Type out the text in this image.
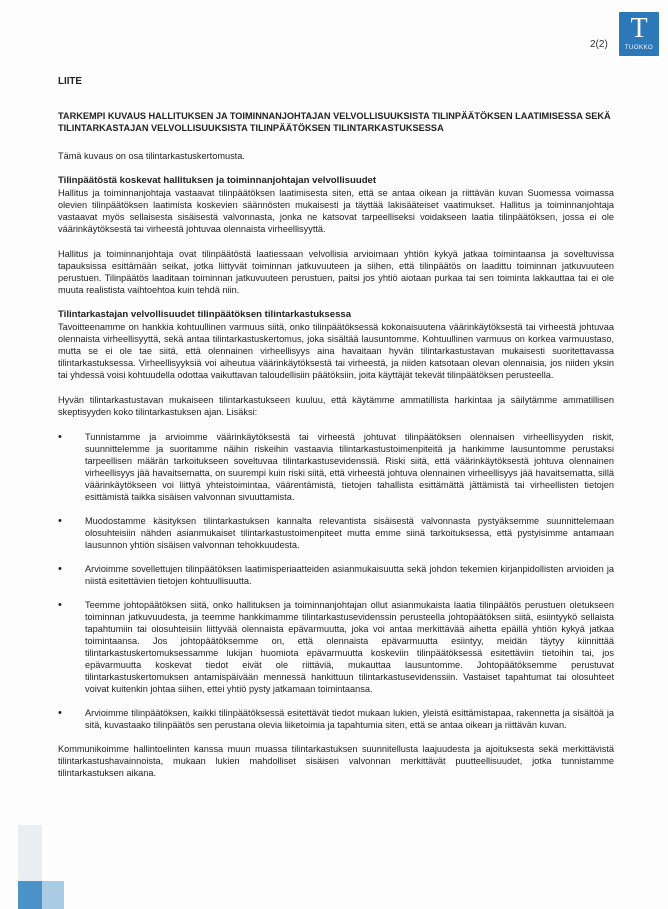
2(2)
T
TUOKKO
LIITE
TARKEMPI KUVAUS HALLITUKSEN JA TOIMINNANJOHTAJAN VELVOLLISUUKSISTA TILINPÄÄTÖKSEN LAATIMISESSA SEKÄ TILINTARKASTAJAN VELVOLLISUUKSISTA TILINPÄÄTÖKSEN TILINTARKASTUKSESSA

Tämä kuvaus on osa tilintarkastuskertomusta.

Tilinpäätöstä koskevat hallituksen ja toiminnanjohtajan velvollisuudet

Hallitus ja toiminnanjohtaja vastaavat tilinpäätöksen laatimisesta siten, että se antaa oikean ja riittävän kuvan Suomessa voimassa olevien tilinpäätöksen laatimista koskevien säännösten mukaisesti ja täyttää lakisääteiset vaatimukset. Hallitus ja toiminnanjohtaja vastaavat myös sellaisesta sisäisestä valvonnasta, jonka ne katsovat tarpeelliseksi voidakseen laatia tilinpäätöksen, jossa ei ole väärinkäytöksestä tai virheestä johtuvaa olennaista virheellisyyttä.

Hallitus ja toiminnanjohtaja ovat tilinpäätöstä laatiessaan velvollisia arvioimaan yhtiön kykyä jatkaa toimintaansa ja soveltuvissa tapauksissa esittämään seikat, jotka liittyvät toiminnan jatkuvuuteen ja siihen, että tilinpäätös on laadittu toiminnan jatkuvuuteen perustuen. Tilinpäätös laaditaan toiminnan jatkuvuuteen perustuen, paitsi jos yhtiö aiotaan purkaa tai sen toiminta lakkauttaa tai ei ole muuta realistista vaihtoehtoa kuin tehdä niin.

Tilintarkastajan velvollisuudet tilinpäätöksen tilintarkastuksessa

Tavoitteenamme on hankkia kohtuullinen varmuus siitä, onko tilinpäätöksessä kokonaisuutena väärinkäytöksestä tai virheestä johtuvaa olennaista virheellisyyttä, sekä antaa tilintarkastuskertomus, joka sisältää lausuntomme. Kohtuullinen varmuus on korkea varmuustaso, mutta se ei ole tae siitä, että olennainen virheellisyys aina havaitaan hyvän tilintarkastustavan mukaisesti suoritettavassa tilintarkastuksessa. Virheellisyyksiä voi aiheutua väärinkäytöksestä tai virheestä, ja niiden katsotaan olevan olennaisia, jos niiden yksin tai yhdessä voisi kohtuudella odottaa vaikuttavan taloudellisiin päätöksiin, joita käyttäjät tekevät tilinpäätöksen perusteella.

Hyvän tilintarkastustavan mukaiseen tilintarkastukseen kuuluu, että käytämme ammatillista harkintaa ja säilytämme ammatillisen skeptisyyden koko tilintarkastuksen ajan. Lisäksi:

• Tunnistamme ja arvioimme väärinkäytöksestä tai virheestä johtuvat tilinpäätöksen olennaisen virheellisyyden riskit, suunnittelemme ja suoritamme näihin riskeihin vastaavia tilintarkastustoimenpiteitä ja hankimme lausuntomme perustaksi tarpeellisen määrän tarkoitukseen soveltuvaa tilintarkastusevidenssiä. Riski siitä, että väärinkäytöksestä johtuva olennainen virheellisyys jää havaitsematta, on suurempi kuin riski siitä, että virheestä johtuva olennainen virheellisyys jää havaitsematta, sillä väärinkäytökseen voi liittyä yhteistoimintaa, väärentämistä, tietojen tahallista esittämättä jättämistä tai virheellisten tietojen esittämistä taikka sisäisen valvonnan sivuuttamista.
• Muodostamme käsityksen tilintarkastuksen kannalta relevantista sisäisestä valvonnasta pystyäksemme suunnittelemaan olosuhteisiin nähden asianmukaiset tilintarkastustoimenpiteet mutta emme siinä tarkoituksessa, että pystyisimme antamaan lausunnon yhtiön sisäisen valvonnan tehokkuudesta.
• Arvioimme sovellettujen tilinpäätöksen laatimisperiaatteiden asianmukaisuutta sekä johdon tekemien kirjanpidollisten arvioiden ja niistä esitettävien tietojen kohtuullisuutta.
• Teemme johtopäätöksen siitä, onko hallituksen ja toiminnanjohtajan ollut asianmukaista laatia tilinpäätös perustuen oletukseen toiminnan jatkuvuudesta, ja teemme hankkimamme tilintarkastusevidenssin perusteella johtopäätöksen siitä, esiintyykö sellaista tapahtumiin tai olosuhteisiin liittyvää olennaista epävarmuutta, joka voi antaa merkittävää aihetta epäillä yhtiön kykyä jatkaa toimintaansa. Jos johtopäätöksemme on, että olennaista epävarmuutta esiintyy, meidän täytyy kiinnittää tilintarkastuskertomuksessamme lukijan huomiota epävarmuutta koskeviin tilinpäätöksessä esitettäviin tietoihin tai, jos epävarmuutta koskevat tiedot eivät ole riittäviä, mukauttaa lausuntomme. Johtopäätöksemme perustuvat tilintarkastuskertomuksen antamispäivään mennessä hankittuun tilintarkastusevidenssiin. Vastaiset tapahtumat tai olosuhteet voivat kuitenkin johtaa siihen, ettei yhtiö pysty jatkamaan toimintaansa.
• Arvioimme tilinpäätöksen, kaikki tilinpäätöksessä esitettävät tiedot mukaan lukien, yleistä esittämistapaa, rakennetta ja sisältöä ja sitä, kuvastaako tilinpäätös sen perustana olevia liiketoimia ja tapahtumia siten, että se antaa oikean ja riittävän kuvan.

Kommunikoimme hallintoelinten kanssa muun muassa tilintarkastuksen suunnitellusta laajuudesta ja ajoituksesta sekä merkittävistä tilintarkastushavainnoista, mukaan lukien mahdolliset sisäisen valvonnan merkittävät puutteellisuudet, jotka tunnistamme tilintarkastuksen aikana.
